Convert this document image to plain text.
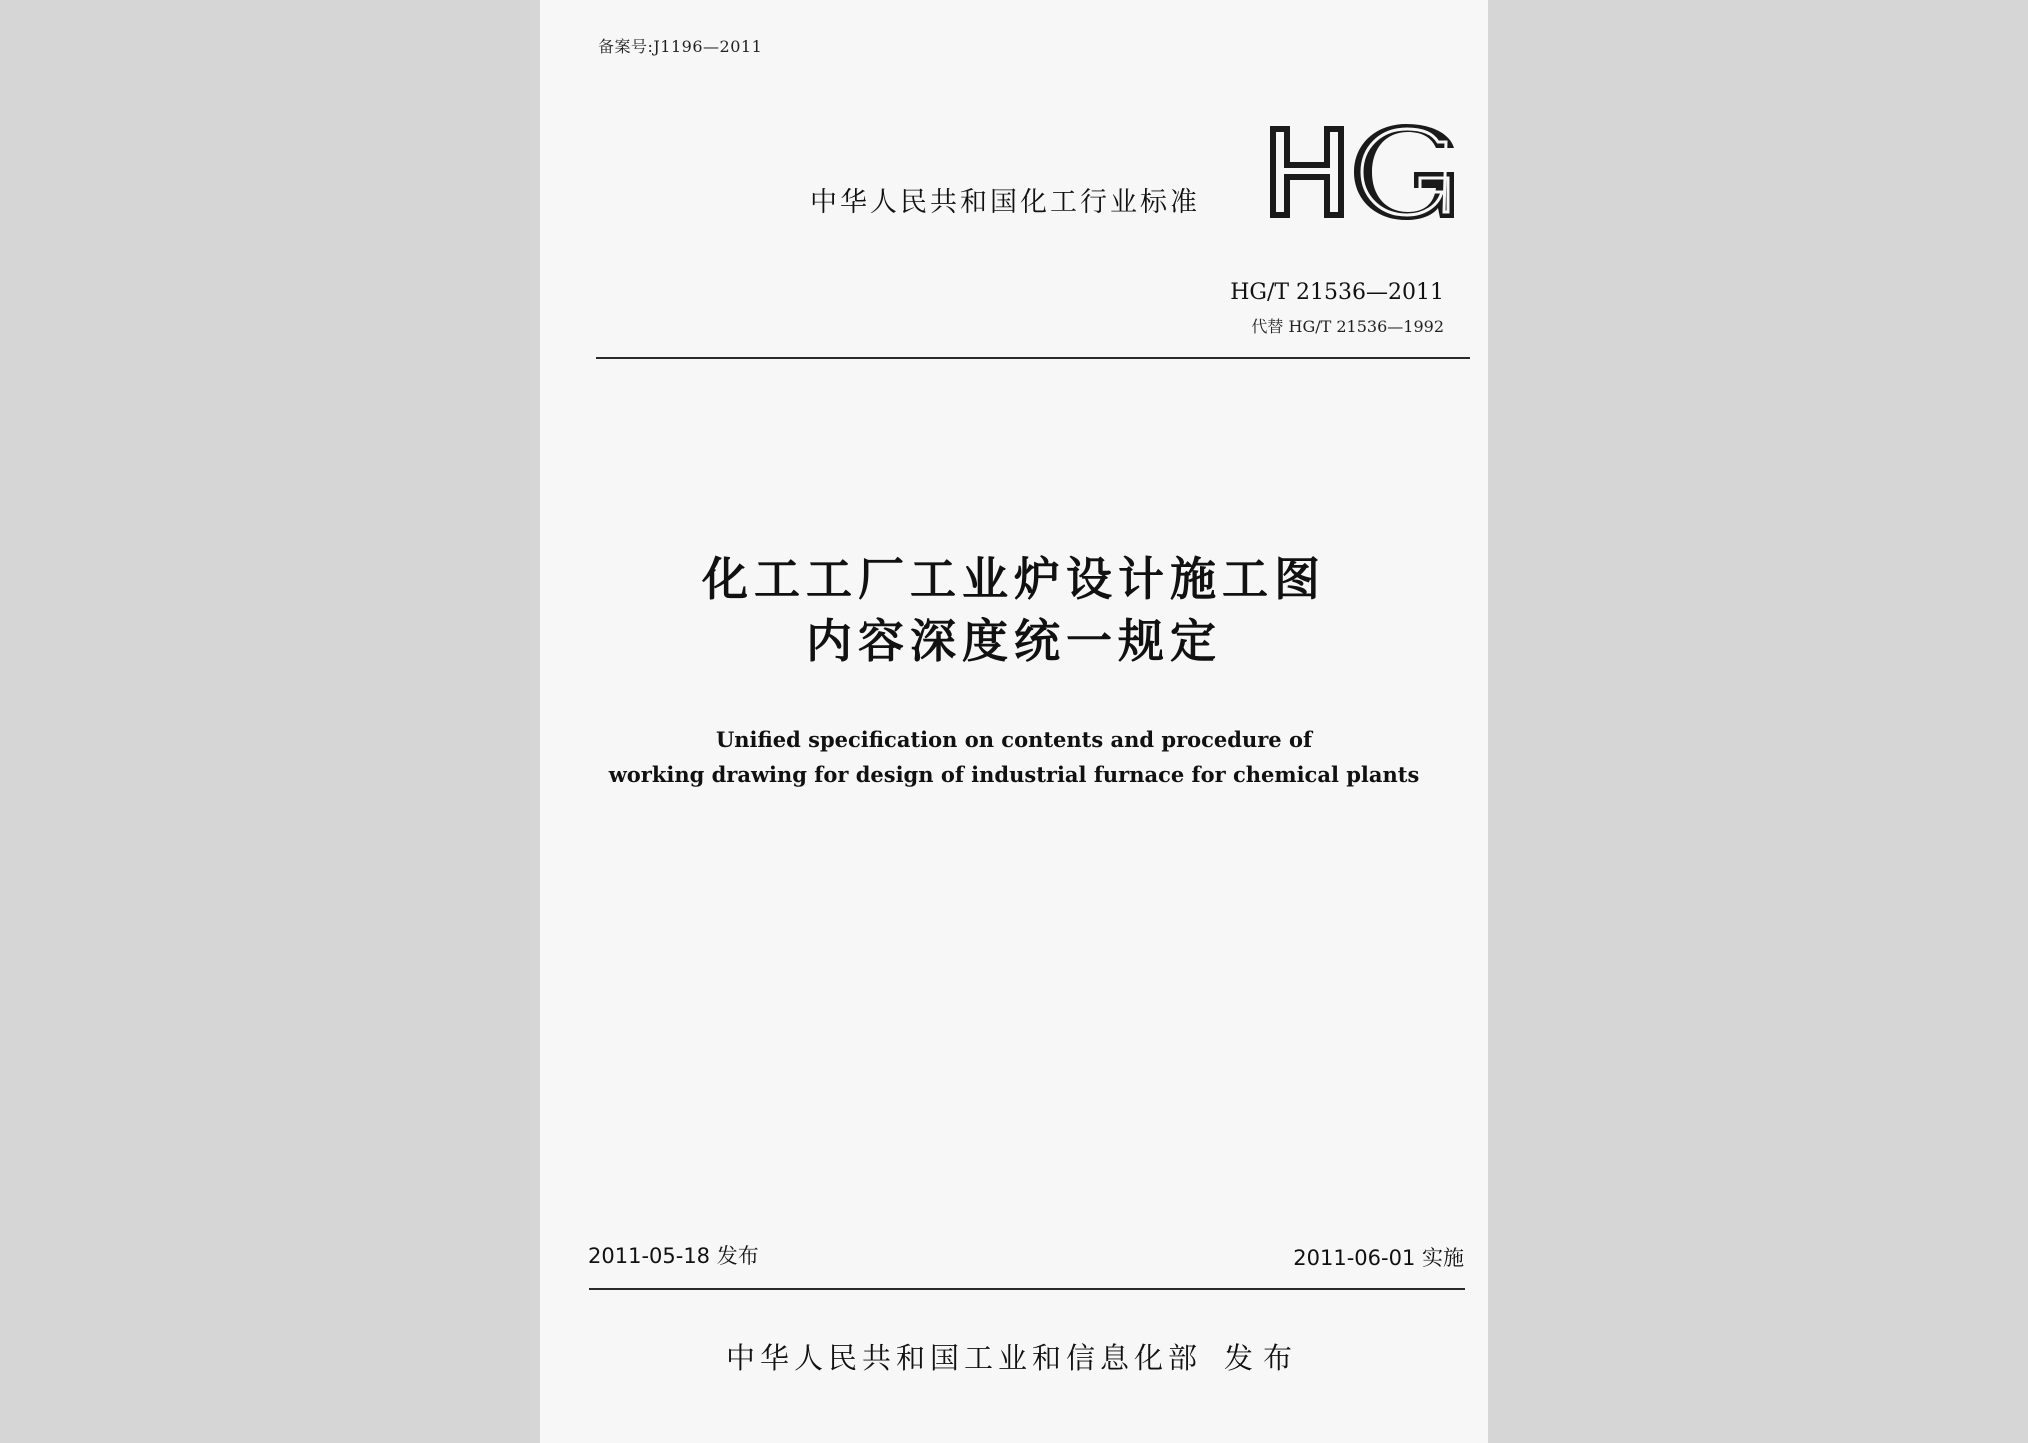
备案号:J1196—2011
中华人民共和国化工行业标准
HG/T 21536—2011
代替 HG/T 21536—1992
化工工厂工业炉设计施工图
内容深度统一规定
Unified specification on contents and procedure of
working drawing for design of industrial furnace for chemical plants
2011-05-18 发布	2011-06-01 实施
中华人民共和国工业和信息化部 发布
